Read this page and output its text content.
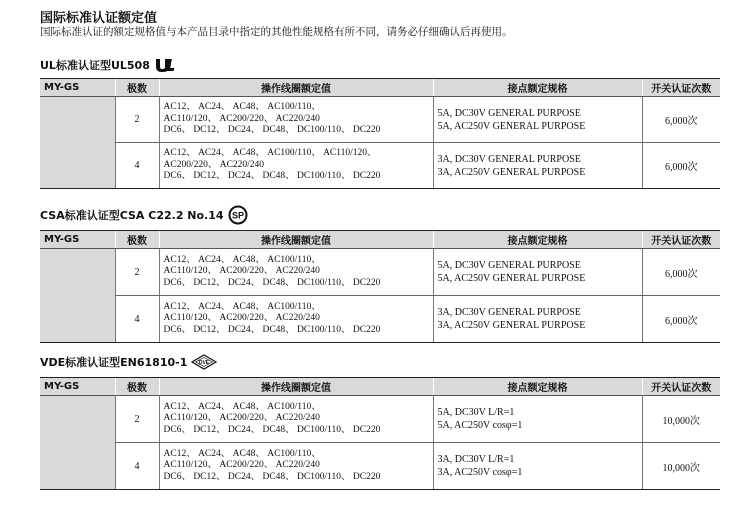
国际标准认证额定值

国际标准认证的额定规格值与本产品目录中指定的其他性能规格有所不同，请务必仔细确认后再使用。

UL标准认证型UL508
MY-GS	极数	操作线圈额定值	接点额定规格	开关认证次数
	2	AC12、 AC24、 AC48、 AC100/110、
AC110/120、 AC200/220、 AC220/240
DC6、 DC12、 DC24、 DC48、 DC100/110、 DC220	5A, DC30V GENERAL PURPOSE
5A, AC250V GENERAL PURPOSE	6,000次
	4	AC12、 AC24、 AC48、 AC100/110、 AC110/120、
AC200/220、 AC220/240
DC6、 DC12、 DC24、 DC48、 DC100/110、 DC220	3A, DC30V GENERAL PURPOSE
3A, AC250V GENERAL PURPOSE	6,000次
CSA标准认证型CSA C22.2 No.14 SP
MY-GS	极数	操作线圈额定值	接点额定规格	开关认证次数
	2	AC12、 AC24、 AC48、 AC100/110、
AC110/120、 AC200/220、 AC220/240
DC6、 DC12、 DC24、 DC48、 DC100/110、 DC220	5A, DC30V GENERAL PURPOSE
5A, AC250V GENERAL PURPOSE	6,000次
	4	AC12、 AC24、 AC48、 AC100/110、
AC110/120、 AC200/220、 AC220/240
DC6、 DC12、 DC24、 DC48、 DC100/110、 DC220	3A, DC30V GENERAL PURPOSE
3A, AC250V GENERAL PURPOSE	6,000次
VDE标准认证型EN61810-1 DVE
MY-GS	极数	操作线圈额定值	接点额定规格	开关认证次数
	2	AC12、 AC24、 AC48、 AC100/110、
AC110/120、 AC200/220、 AC220/240
DC6、 DC12、 DC24、 DC48、 DC100/110、 DC220	5A, DC30V L/R=1
5A, AC250V cosφ=1	10,000次
	4	AC12、 AC24、 AC48、 AC100/110、
AC110/120、 AC200/220、 AC220/240
DC6、 DC12、 DC24、 DC48、 DC100/110、 DC220	3A, DC30V L/R=1
3A, AC250V cosφ=1	10,000次
